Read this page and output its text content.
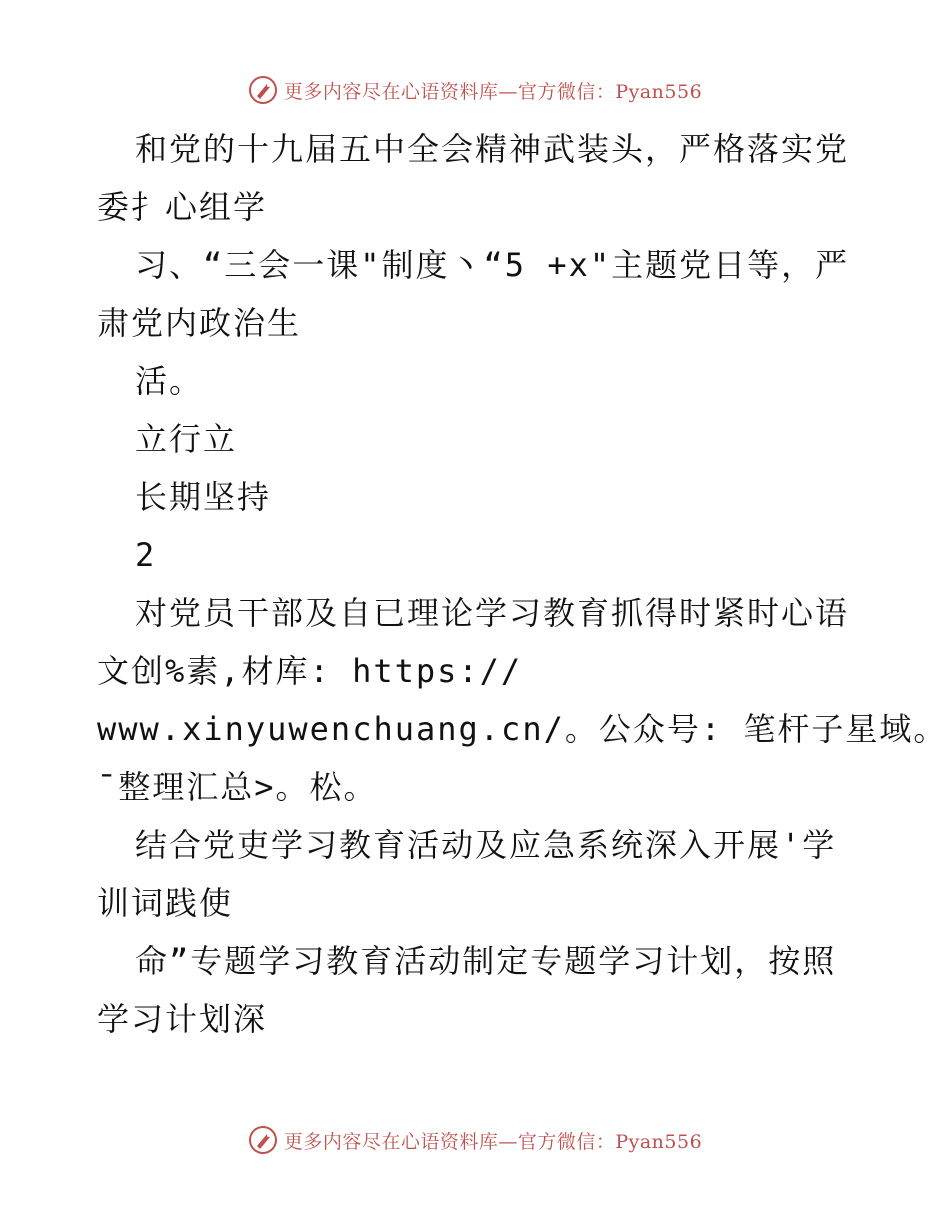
更多内容尽在心语资料库—官方微信：Pyan556
和党的十九届五中全会精神武装头，严格落实党
委扌心组学
习、“三会一课"制度丶“5 +x"主题党日等，严
肃党内政治生
活。
立行立
长期坚持
2
对党员干部及自已理论学习教育抓得时紧时心语
文创%素,材库: https://
www.xinyuwenchuang.cn/。公众号: 笔杆子星域。
¯整理汇总>。松。
结合党吏学习教育活动及应急系统深入开展'学
训词践使
命”专题学习教育活动制定专题学习计划，按照
学习计划深
更多内容尽在心语资料库—官方微信：Pyan556
